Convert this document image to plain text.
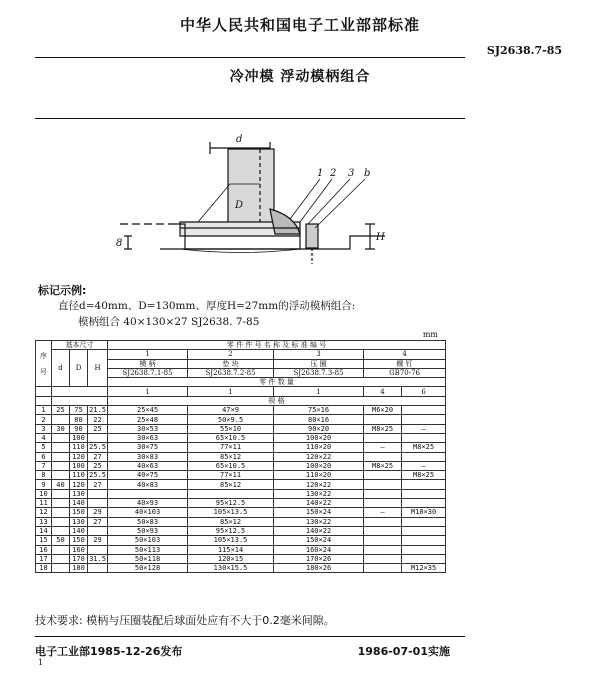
中华人民共和国电子工业部部标准
SJ2638.7-85
冷冲模 浮动模柄组合
d
D
H
8
1 2 3 b
标记示例:
直径d=40mm、D=130mm、厚度H=27mm的浮动模柄组合:
模柄组合 40×130×27 SJ2638. 7-85
mm
序

号	基本尺寸			零 件 件 号 名 称 及 标 准 编 号				
	d	D	H	1	2	3	4	
				模 柄	垫 块	压 圈	螺 钉	
				SJ2638.7.1-85	SJ2638.7.2-85	SJ2638.7.3-85	GB70-76	
				零 件 数 量				
				1	1	1	4	6
				规 格				
1	25	75	21.5	25×45	47×9	75×16	M6×20	
2		80	22	25×48	50×9.5	80×16		
3	30	90	25	30×53	55×10	90×20	M8×25	—
4		100		30×63	65×10.5	100×20		
5		110	25.5	30×75	77×11	110×20	—	M8×25
6		120	27	30×83	85×12	120×22		
7		100	25	40×63	65×10.5	100×20	M8×25	—
8		110	25.5	40×75	77×11	110×20		M8×25
9	40	120	27	40×83	85×12	120×22		
10		130				130×22		
11		140		40×93	95×12.5	140×22		
12		150	29	40×103	105×13.5	150×24	—	M10×30
13		130	27	50×83	85×12	130×22		
14		140		50×93	95×12.5	140×22		
15	50	150	29	50×103	105×13.5	150×24		
16		160		50×113	115×14	160×24		
17		170	31.5	50×118	120×15	170×26		
18		180		50×128	130×15.5	180×26		M12×35
技术要求: 模柄与压圈装配后球面处应有不大于0.2毫米间隙。
电子工业部1985-12-26发布	1986-07-01实施
1
